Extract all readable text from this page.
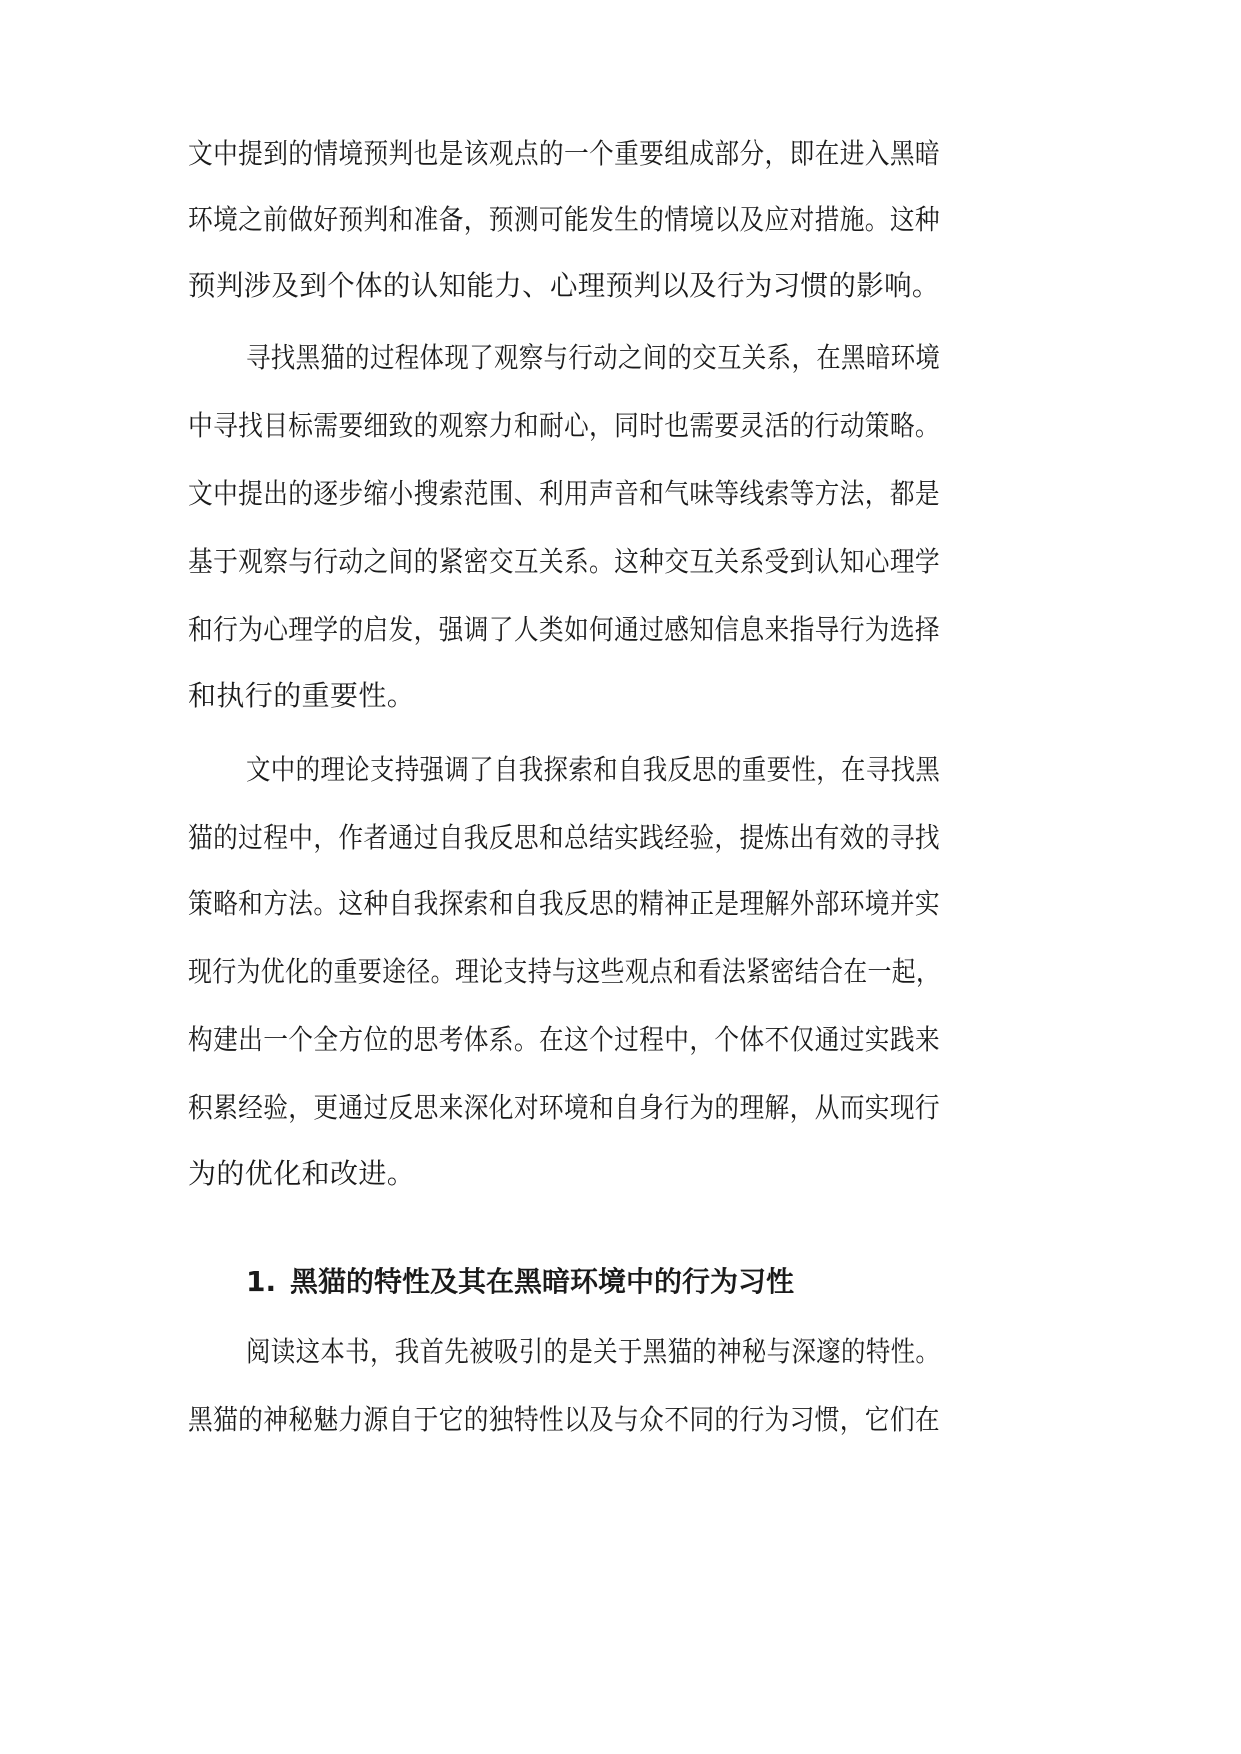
文中提到的情境预判也是该观点的一个重要组成部分，即在进入黑暗
环境之前做好预判和准备，预测可能发生的情境以及应对措施。这种
预判涉及到个体的认知能力、心理预判以及行为习惯的影响。
寻找黑猫的过程体现了观察与行动之间的交互关系，在黑暗环境
中寻找目标需要细致的观察力和耐心，同时也需要灵活的行动策略。
文中提出的逐步缩小搜索范围、利用声音和气味等线索等方法，都是
基于观察与行动之间的紧密交互关系。这种交互关系受到认知心理学
和行为心理学的启发，强调了人类如何通过感知信息来指导行为选择
和执行的重要性。
文中的理论支持强调了自我探索和自我反思的重要性，在寻找黑
猫的过程中，作者通过自我反思和总结实践经验，提炼出有效的寻找
策略和方法。这种自我探索和自我反思的精神正是理解外部环境并实
现行为优化的重要途径。理论支持与这些观点和看法紧密结合在一起，
构建出一个全方位的思考体系。在这个过程中，个体不仅通过实践来
积累经验，更通过反思来深化对环境和自身行为的理解，从而实现行
为的优化和改进。
1. 黑猫的特性及其在黑暗环境中的行为习性
阅读这本书，我首先被吸引的是关于黑猫的神秘与深邃的特性。
黑猫的神秘魅力源自于它的独特性以及与众不同的行为习惯，它们在
